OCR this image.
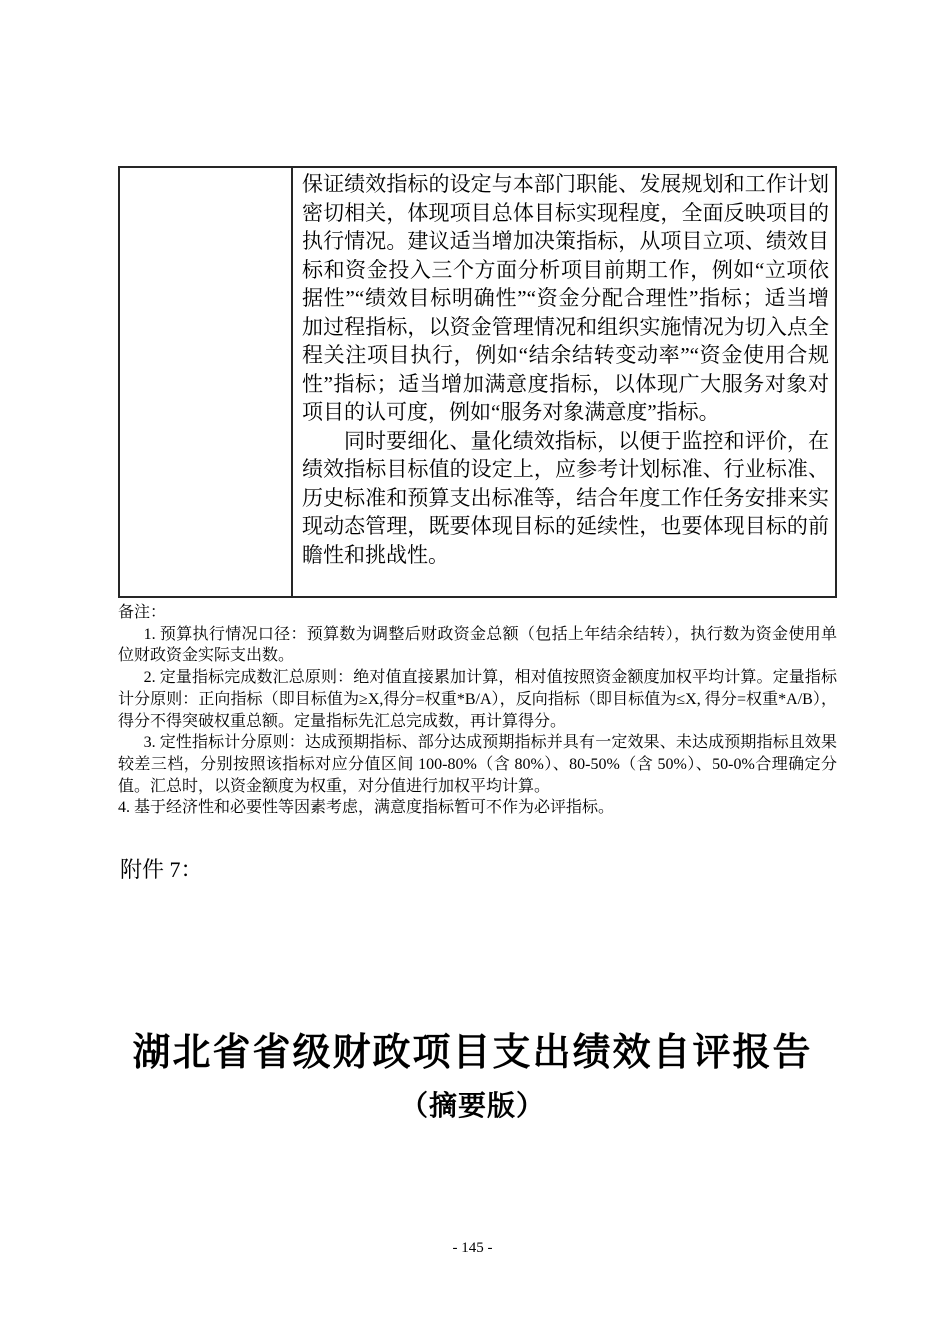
保证绩效指标的设定与本部门职能、发展规划和工作计划密切相关，体现项目总体目标实现程度，全面反映项目的执行情况。建议适当增加决策指标，从项目立项、绩效目标和资金投入三个方面分析项目前期工作，例如“立项依据性”“绩效目标明确性”“资金分配合理性”指标；适当增加过程指标，以资金管理情况和组织实施情况为切入点全程关注项目执行，例如“结余结转变动率”“资金使用合规性”指标；适当增加满意度指标，以体现广大服务对象对项目的认可度，例如“服务对象满意度”指标。

同时要细化、量化绩效指标，以便于监控和评价，在绩效指标目标值的设定上，应参考计划标准、行业标准、历史标准和预算支出标准等，结合年度工作任务安排来实现动态管理，既要体现目标的延续性，也要体现目标的前瞻性和挑战性。

备注：

1. 预算执行情况口径：预算数为调整后财政资金总额（包括上年结余结转），执行数为资金使用单位财政资金实际支出数。

2. 定量指标完成数汇总原则：绝对值直接累加计算，相对值按照资金额度加权平均计算。定量指标计分原则：正向指标（即目标值为≥X,得分=权重*B/A），反向指标（即目标值为≤X, 得分=权重*A/B），得分不得突破权重总额。定量指标先汇总完成数，再计算得分。

3. 定性指标计分原则：达成预期指标、部分达成预期指标并具有一定效果、未达成预期指标且效果较差三档，分别按照该指标对应分值区间 100-80%（含 80%）、80-50%（含 50%）、50-0%合理确定分值。汇总时，以资金额度为权重，对分值进行加权平均计算。

4. 基于经济性和必要性等因素考虑，满意度指标暂可不作为必评指标。

附件 7：
湖北省省级财政项目支出绩效自评报告
（摘要版）
- 145 -
